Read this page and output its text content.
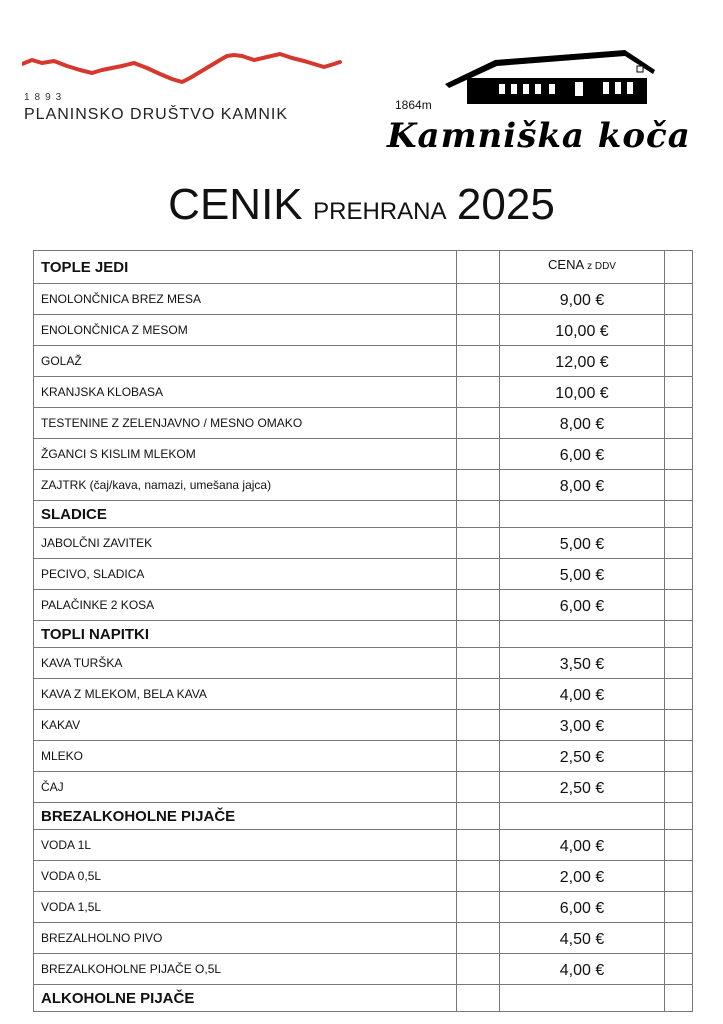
1893
PLANINSKO DRUŠTVO KAMNIK
1864m
Kamniška koča
CENIK PREHRANA 2025
TOPLE JEDI		CENA z DDV	
ENOLONČNICA BREZ MESA		9,00 €	
ENOLONČNICA Z MESOM		10,00 €	
GOLAŽ		12,00 €	
KRANJSKA KLOBASA		10,00 €	
TESTENINE Z ZELENJAVNO / MESNO OMAKO		8,00 €	
ŽGANCI S KISLIM MLEKOM		6,00 €	
ZAJTRK (čaj/kava, namazi, umešana jajca)		8,00 €	
SLADICE			
JABOLČNI ZAVITEK		5,00 €	
PECIVO, SLADICA		5,00 €	
PALAČINKE 2 KOSA		6,00 €	
TOPLI NAPITKI			
KAVA TURŠKA		3,50 €	
KAVA Z MLEKOM, BELA KAVA		4,00 €	
KAKAV		3,00 €	
MLEKO		2,50 €	
ČAJ		2,50 €	
BREZALKOHOLNE PIJAČE			
VODA 1L		4,00 €	
VODA 0,5L		2,00 €	
VODA 1,5L		6,00 €	
BREZALHOLNO PIVO		4,50 €	
BREZALKOHOLNE PIJAČE O,5L		4,00 €	
ALKOHOLNE PIJAČE			
